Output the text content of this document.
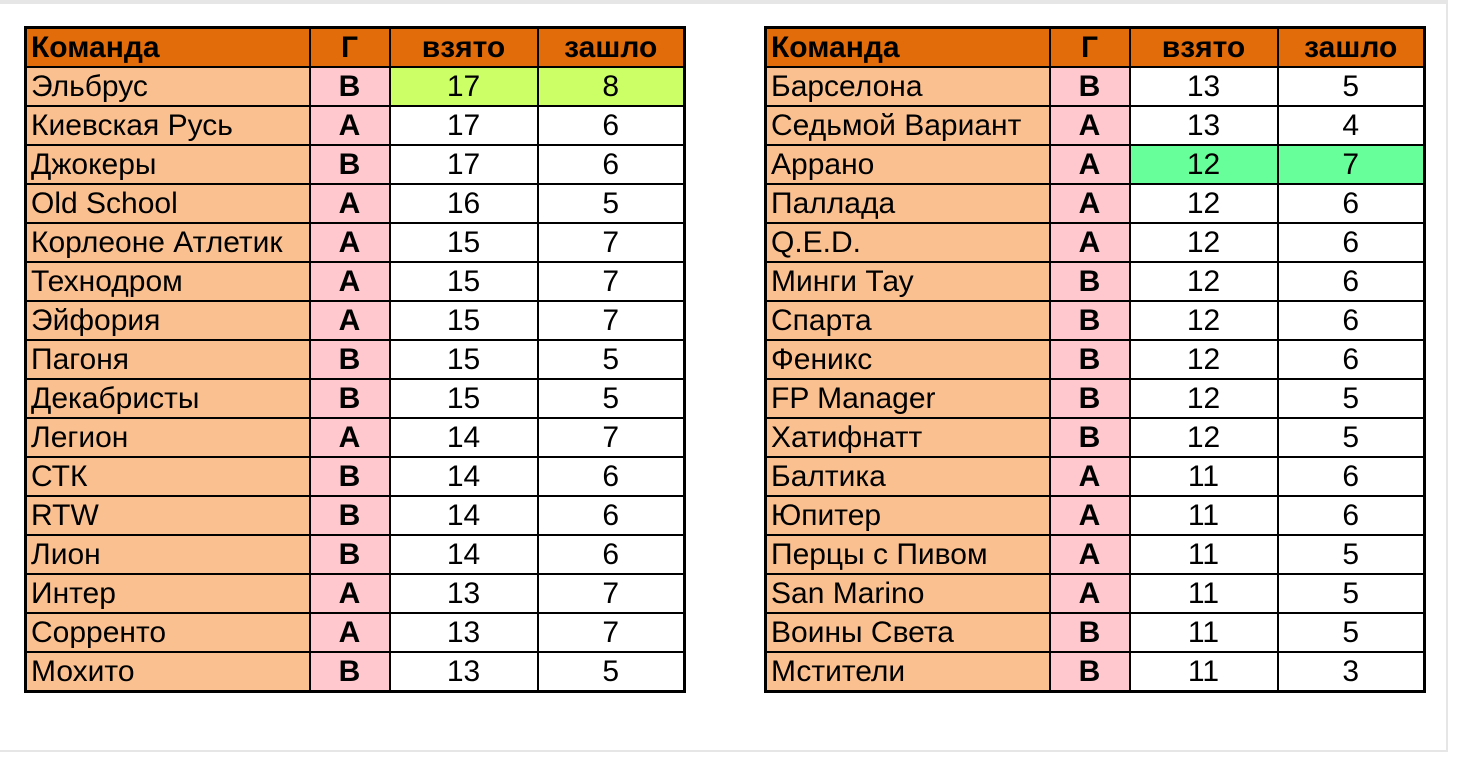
Команда	Г	взято	зашло
Эльбрус	B	17	8
Киевская Русь	A	17	6
Джокеры	B	17	6
Old School	A	16	5
Корлеоне Атлетик	A	15	7
Технодром	A	15	7
Эйфория	A	15	7
Пагоня	B	15	5
Декабристы	B	15	5
Легион	A	14	7
СТК	B	14	6
RTW	B	14	6
Лион	B	14	6
Интер	A	13	7
Сорренто	A	13	7
Мохито	B	13	5
Команда	Г	взято	зашло
Барселона	B	13	5
Седьмой Вариант	A	13	4
Аррано	A	12	7
Паллада	A	12	6
Q.E.D.	A	12	6
Минги Тау	B	12	6
Спарта	B	12	6
Феникс	B	12	6
FP Manager	B	12	5
Хатифнатт	B	12	5
Балтика	A	11	6
Юпитер	A	11	6
Перцы с Пивом	A	11	5
San Marino	A	11	5
Воины Света	B	11	5
Мстители	B	11	3
